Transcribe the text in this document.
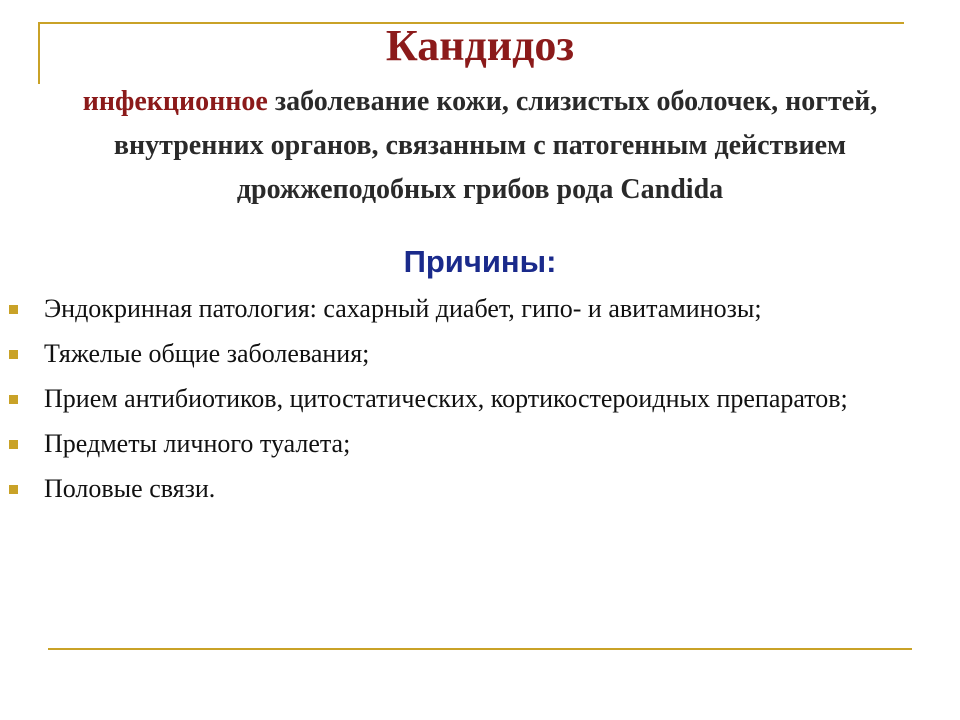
Кандидоз
инфекционное заболевание кожи, слизистых оболочек, ногтей, внутренних органов, связанным с патогенным действием дрожжеподобных грибов рода Candida
Причины:
Эндокринная патология: сахарный диабет, гипо- и авитаминозы;
Тяжелые общие заболевания;
Прием антибиотиков, цитостатических, кортикостероидных препаратов;
Предметы личного туалета;
Половые связи.
